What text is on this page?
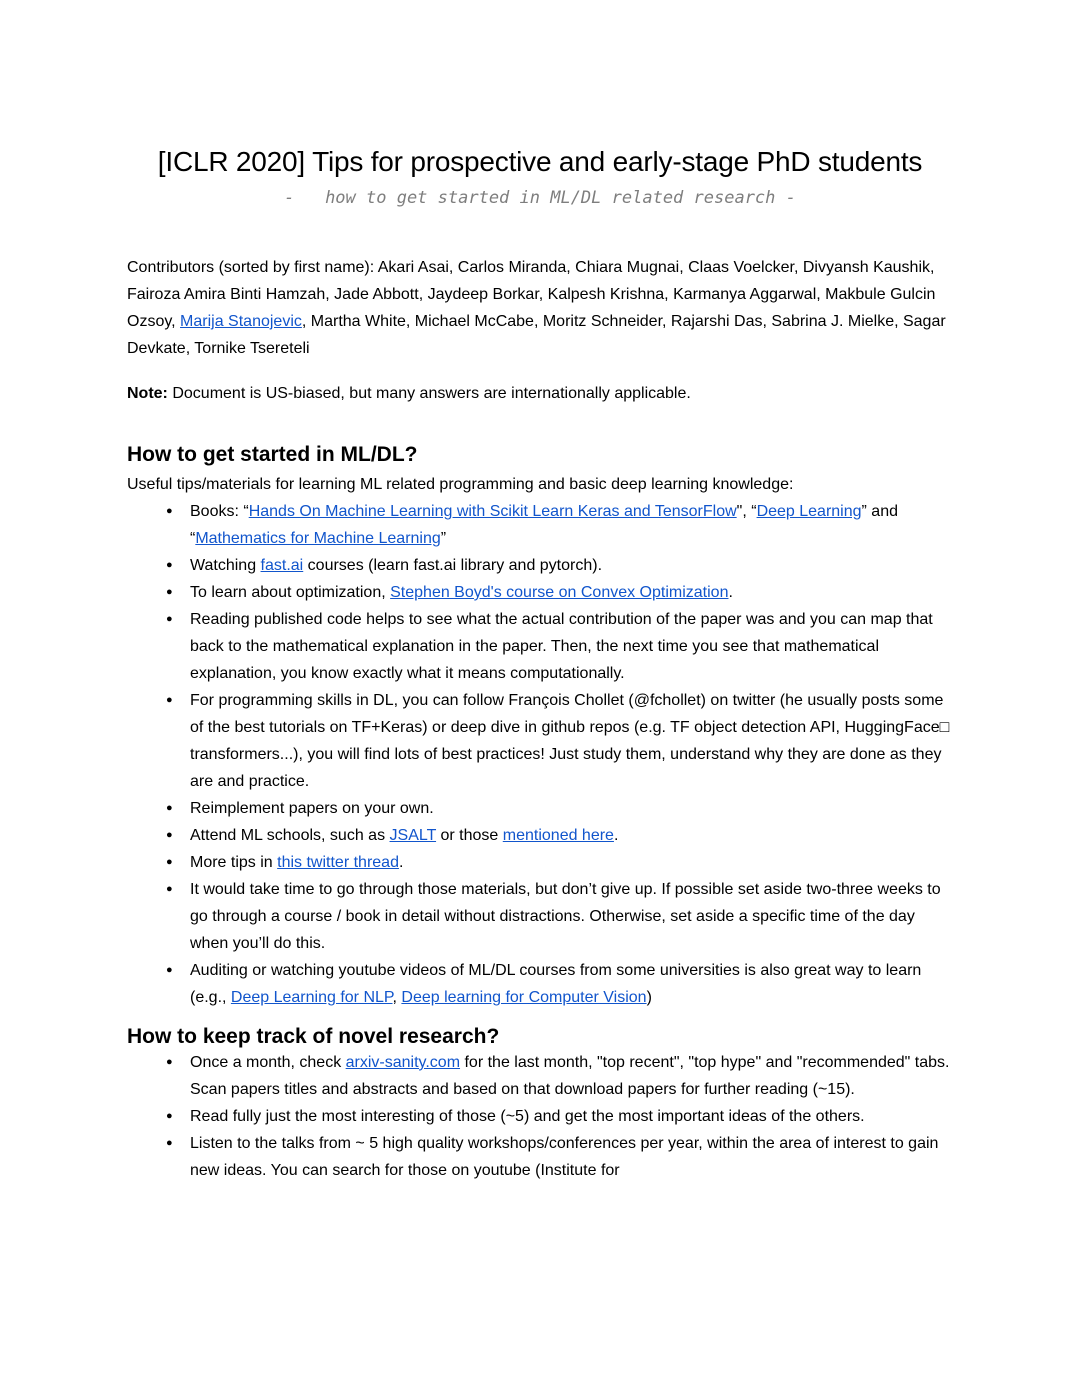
[ICLR 2020] Tips for prospective and early-stage PhD students

-   how to get started in ML/DL related research -

Contributors (sorted by first name): Akari Asai, Carlos Miranda, Chiara Mugnai, Claas Voelcker, Divyansh Kaushik, Fairoza Amira Binti Hamzah, Jade Abbott, Jaydeep Borkar, Kalpesh Krishna, Karmanya Aggarwal, Makbule Gulcin Ozsoy, Marija Stanojevic, Martha White, Michael McCabe, Moritz Schneider, Rajarshi Das, Sabrina J. Mielke, Sagar Devkate, Tornike Tsereteli

Note: Document is US-biased, but many answers are internationally applicable.

How to get started in ML/DL?

Useful tips/materials for learning ML related programming and basic deep learning knowledge:

● Books: “Hands On Machine Learning with Scikit Learn Keras and TensorFlow", “Deep Learning” and “Mathematics for Machine Learning”
● Watching fast.ai courses (learn fast.ai library and pytorch).
● To learn about optimization, Stephen Boyd's course on Convex Optimization.
● Reading published code helps to see what the actual contribution of the paper was and you can map that back to the mathematical explanation in the paper. Then, the next time you see that mathematical explanation, you know exactly what it means computationally.
● For programming skills in DL, you can follow François Chollet (@fchollet) on twitter (he usually posts some of the best tutorials on TF+Keras) or deep dive in github repos (e.g. TF object detection API, HuggingFace□ transformers...), you will find lots of best practices! Just study them, understand why they are done as they are and practice.
● Reimplement papers on your own.
● Attend ML schools, such as JSALT or those mentioned here.
● More tips in this twitter thread.
● It would take time to go through those materials, but don’t give up. If possible set aside two-three weeks to go through a course / book in detail without distractions. Otherwise, set aside a specific time of the day when you’ll do this.
● Auditing or watching youtube videos of ML/DL courses from some universities is also great way to learn (e.g., Deep Learning for NLP, Deep learning for Computer Vision)
How to keep track of novel research?
● Once a month, check arxiv-sanity.com for the last month, "top recent", "top hype" and "recommended" tabs. Scan papers titles and abstracts and based on that download papers for further reading (~15).
● Read fully just the most interesting of those (~5) and get the most important ideas of the others.
● Listen to the talks from ~ 5 high quality workshops/conferences per year, within the area of interest to gain new ideas. You can search for those on youtube (Institute for
